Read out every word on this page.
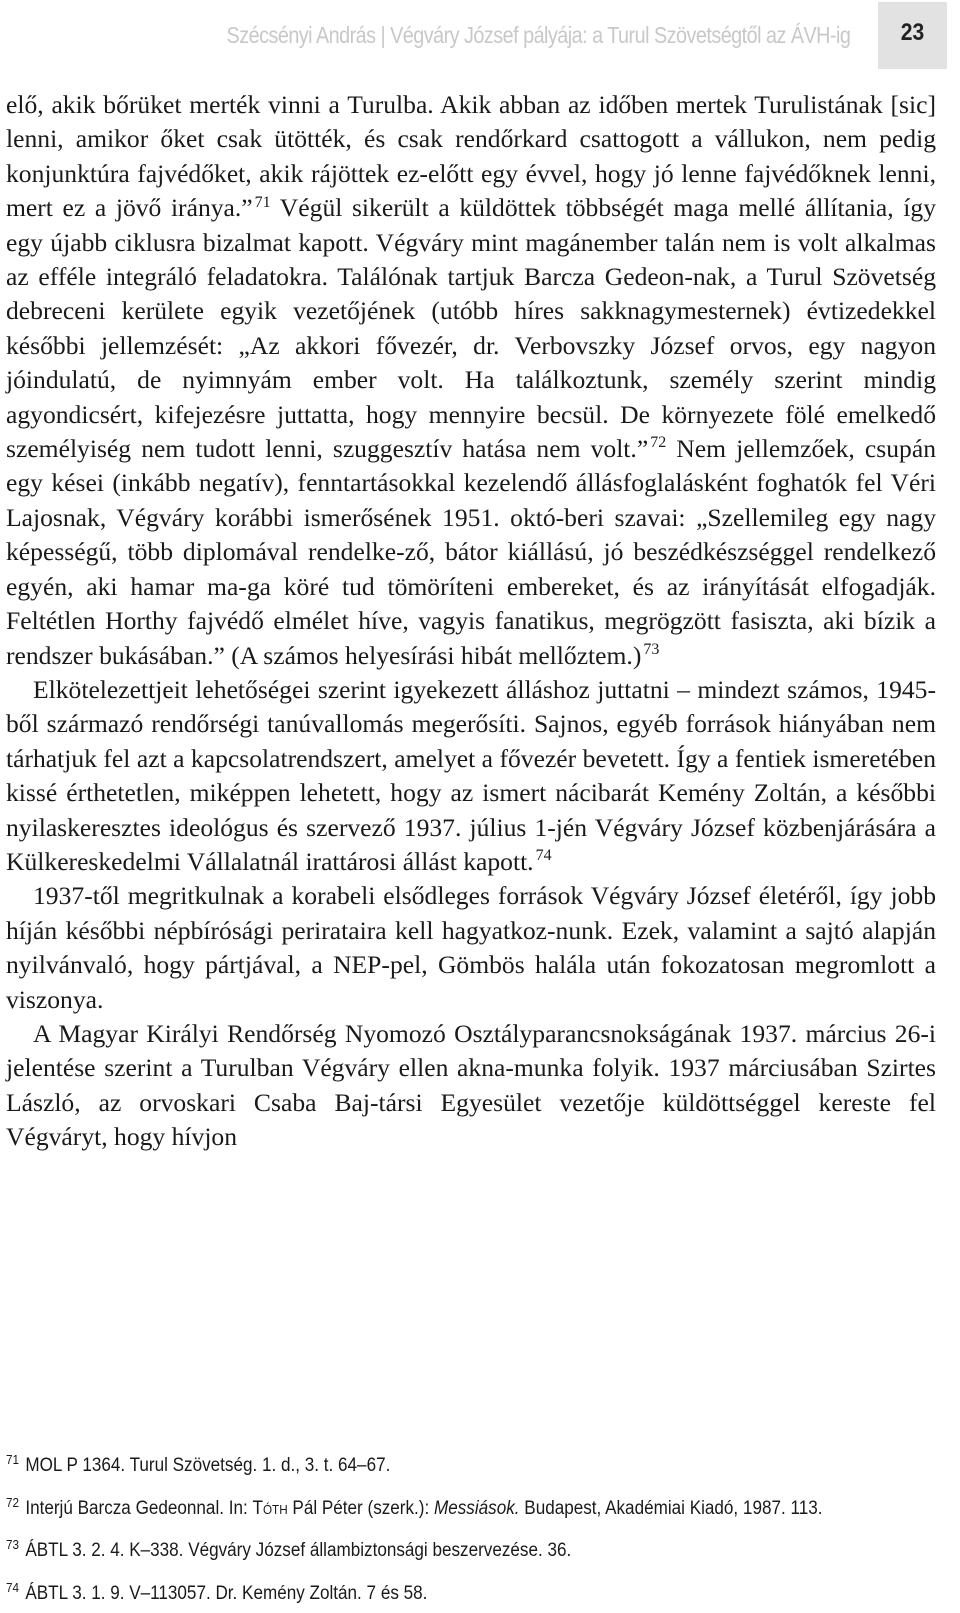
Szécsényi András | Végváry József pályája: a Turul Szövetségtől az ÁVH-ig	23

elő, akik bőrüket merték vinni a Turulba. Akik abban az időben mertek Turulistának [sic] lenni, amikor őket csak ütötték, és csak rendőrkard csattogott a vállukon, nem pedig konjunktúra fajvédőket, akik rájöttek ez-előtt egy évvel, hogy jó lenne fajvédőknek lenni, mert ez a jövő iránya.” $^{71}$ Végül sikerült a küldöttek többségét maga mellé állítania, így egy újabb ciklusra bizalmat kapott. Végváry mint magánember talán nem is volt alkalmas az efféle integráló feladatokra. Találónak tartjuk Barcza Gedeon-nak, a Turul Szövetség debreceni kerülete egyik vezetőjének (utóbb híres sakknagymesternek) évtizedekkel későbbi jellemzését: „Az akkori fővezér, dr. Verbovszky József orvos, egy nagyon jóindulatú, de nyimnyám ember volt. Ha találkoztunk, személy szerint mindig agyondicsért, kifejezésre juttatta, hogy mennyire becsül. De környezete fölé emelkedő személyiség nem tudott lenni, szuggesztív hatása nem volt.” $^{72}$ Nem jellemzőek, csupán egy kései (inkább negatív), fenntartásokkal kezelendő állásfoglalásként foghatók fel Véri Lajosnak, Végváry korábbi ismerősének 1951. októ-beri szavai: „Szellemileg egy nagy képességű, több diplomával rendelke-ző, bátor kiállású, jó beszédkészséggel rendelkező egyén, aki hamar ma-ga köré tud tömöríteni embereket, és az irányítását elfogadják. Feltétlen Horthy fajvédő elmélet híve, vagyis fanatikus, megrögzött fasiszta, aki bízik a rendszer bukásában.” (A számos helyesírási hibát mellőztem.) $^{73}$

Elkötelezettjeit lehetőségei szerint igyekezett álláshoz juttatni – mindezt számos, 1945-ből származó rendőrségi tanúvallomás megerősíti. Sajnos, egyéb források hiányában nem tárhatjuk fel azt a kapcsolatrendszert, amelyet a fővezér bevetett. Így a fentiek ismeretében kissé érthetetlen, miképpen lehetett, hogy az ismert nácibarát Kemény Zoltán, a későbbi nyilaskeresztes ideológus és szervező 1937. július 1-jén Végváry József közbenjárására a Külkereskedelmi Vállalatnál irattárosi állást kapott. $^{74}$

1937-től megritkulnak a korabeli elsődleges források Végváry József életéről, így jobb híján későbbi népbírósági perirataira kell hagyatkoz-nunk. Ezek, valamint a sajtó alapján nyilvánvaló, hogy pártjával, a NEP-pel, Gömbös halála után fokozatosan megromlott a viszonya.

A Magyar Királyi Rendőrség Nyomozó Osztályparancsnokságának 1937. március 26-i jelentése szerint a Turulban Végváry ellen akna-munka folyik. 1937 márciusában Szirtes László, az orvoskari Csaba Baj-társi Egyesület vezetője küldöttséggel kereste fel Végváryt, hogy hívjon

$^{71}$ MOL P 1364. Turul Szövetség. 1. d., 3. t. 64–67.
$^{72}$ Interjú Barcza Gedeonnal. In: Tóth Pál Péter (szerk.): Messiások. Budapest, Akadémiai Kiadó, 1987. 113.
$^{73}$ ÁBTL 3. 2. 4. K–338. Végváry József állambiztonsági beszervezése. 36.
$^{74}$ ÁBTL 3. 1. 9. V–113057. Dr. Kemény Zoltán. 7 és 58.
